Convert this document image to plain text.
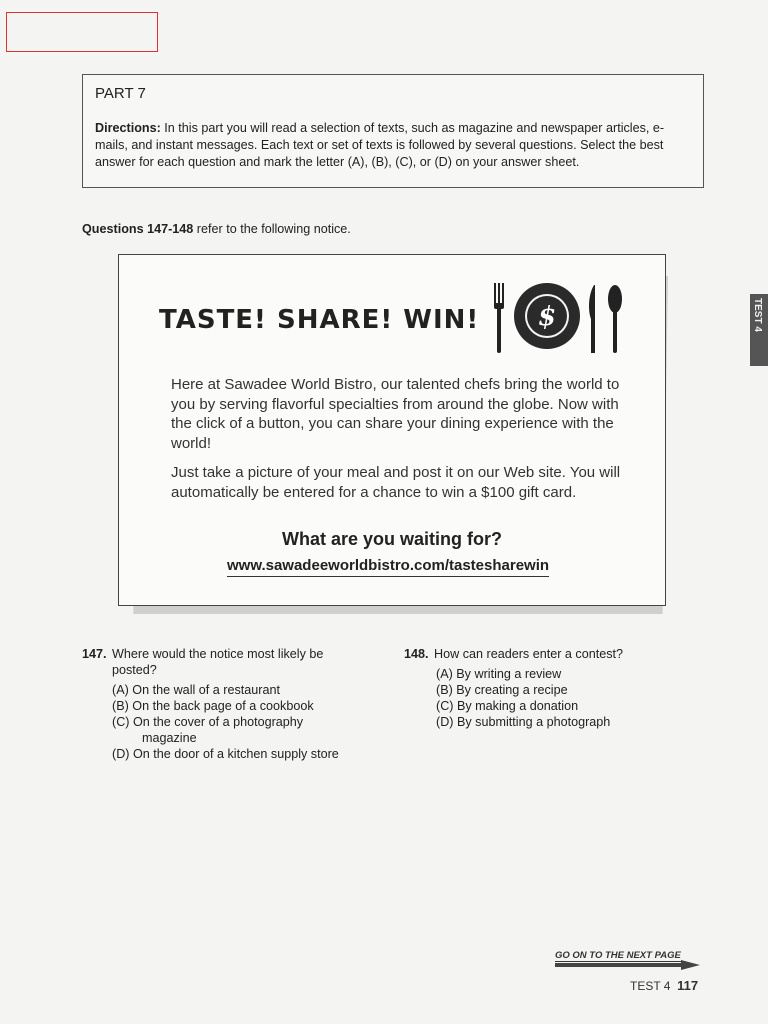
PART 7
Directions: In this part you will read a selection of texts, such as magazine and newspaper articles, e-mails, and instant messages. Each text or set of texts is followed by several questions. Select the best answer for each question and mark the letter (A), (B), (C), or (D) on your answer sheet.
Questions 147-148 refer to the following notice.
TASTE! SHARE! WIN! $
Here at Sawadee World Bistro, our talented chefs bring the world to you by serving flavorful specialties from around the globe. Now with the click of a button, you can share your dining experience with the world!
Just take a picture of your meal and post it on our Web site. You will automatically be entered for a chance to win a $100 gift card.
What are you waiting for?
www.sawadeeworldbistro.com/tastesharewin
147. Where would the notice most likely be posted?
(A) On the wall of a restaurant
(B) On the back page of a cookbook
(C) On the cover of a photography
magazine
(D) On the door of a kitchen supply store
148. How can readers enter a contest?
(A) By writing a review
(B) By creating a recipe
(C) By making a donation
(D) By submitting a photograph
TEST 4
GO ON TO THE NEXT PAGE
TEST 4 117
